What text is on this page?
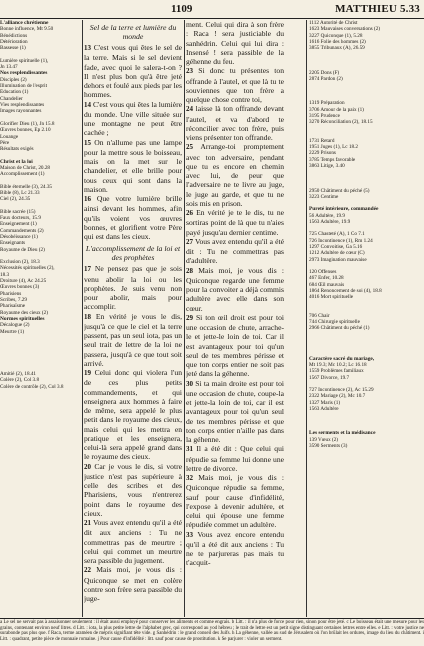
1109	MATTHIEU 5.33
L'alliance chrétienne
Bonne influence, Mt 9.50
Bénédictions
Détérioration
Bassesse (1)
Lumière spirituelle (1),
Jn 13.47
Nos resplendissantes
Disciples (2)
Illumination de l'esprit
Éducation (1)
Chandelier
Vies resplendissantes
Images rayonnantes
Glorifier Dieu (1), Jn 15.8
Œuvres bonnes, Ep 2.10
Louange
Père
Résultats exigés
Christ et la loi
Maison de Christ, 20.28
Accomplissement (1)
Bible éternelle (3), 24.35
Bible (8), Lc 21.33
Ciel (2), 24.35
Bible sacrée (15)
Faux docteurs, 15.9
Enseignement (1)
Commandements (2)
Désobéissance (1)
Enseignants
Royaume de Dieu (2)
Exclusion (2), 18.3
Nécessités spirituelles (2),
18.3
Droiture (4), Ac 24.25
Œuvres bonnes (3)
Pharisiens
Scribes, 7.29
Pharisaïsme
Royaume des cieux (2)
Normes spirituelles
Décalogue (2)
Meurtre (1)
Amitié (2), 18.41
Colère (2), Col 3.8
Colère de contrôle (2), Col 3.8
Sel de la terre et lumière du monde

13 C'est vous qui êtes le sel de la terre. Mais si le sel devient fade, avec quoi le salera-t-on ? Il n'est plus bon qu'à être jeté dehors et foulé aux pieds par les hommes.

14 C'est vous qui êtes la lumière du monde. Une ville située sur une montagne ne peut être cachée ;

15 On n'allume pas une lampe pour la mettre sous le boisseau, mais on la met sur le chandelier, et elle brille pour tous ceux qui sont dans la maison.

16 Que votre lumière brille ainsi devant les hommes, afin qu'ils voient vos œuvres bonnes, et glorifient votre Père qui est dans les cieux.

L'accomplissement de la loi et des prophètes

17 Ne pensez pas que je sois venu abolir la loi ou les prophètes. Je suis venu non pour abolir, mais pour accomplir.

18 En vérité je vous le dis, jusqu'à ce que le ciel et la terre passent, pas un seul iota, pas un seul trait de lettre de la loi ne passera, jusqu'à ce que tout soit arrivé.

19 Celui donc qui violera l'un de ces plus petits commandements, et qui enseignera aux hommes à faire de même, sera appelé le plus petit dans le royaume des cieux, mais celui qui les mettra en pratique et les enseignera, celui-là sera appelé grand dans le royaume des cieux.

20 Car je vous le dis, si votre justice n'est pas supérieure à celle des scribes et des Pharisiens, vous n'entrerez point dans le royaume des cieux.

21 Vous avez entendu qu'il a été dit aux anciens : Tu ne commettras pas de meurtre ; celui qui commet un meurtre sera passible du jugement.

22 Mais moi, je vous dis : Quiconque se met en colère contre son frère sera passible du juge-

ment. Celui qui dira à son frère : Raca ! sera justiciable du sanhédrin. Celui qui lui dira : Insensé ! sera passible de la géhenne du feu.

23 Si donc tu présentes ton offrande à l'autel, et que là tu te souviennes que ton frère a quelque chose contre toi,

24 laisse là ton offrande devant l'autel, et va d'abord te réconcilier avec ton frère, puis viens présenter ton offrande.

25 Arrange-toi promptement avec ton adversaire, pendant que tu es encore en chemin avec lui, de peur que l'adversaire ne te livre au juge, le juge au garde, et que tu ne sois mis en prison.

26 En vérité je te le dis, tu ne sortiras point de là que tu n'aies payé jusqu'au dernier centime.

27 Vous avez entendu qu'il a été dit : Tu ne commettras pas d'adultère.

28 Mais moi, je vous dis : Quiconque regarde une femme pour la convoiter a déjà commis adultère avec elle dans son cœur.

29 Si ton œil droit est pour toi une occasion de chute, arrache-le et jette-le loin de toi. Car il est avantageux pour toi qu'un seul de tes membres périsse et que ton corps entier ne soit pas jeté dans la géhenne.

30 Si ta main droite est pour toi une occasion de chute, coupe-la et jette-la loin de toi, car il est avantageux pour toi qu'un seul de tes membres périsse et que ton corps entier n'aille pas dans la géhenne.

31 Il a été dit : Que celui qui répudie sa femme lui donne une lettre de divorce.

32 Mais moi, je vous dis : Quiconque répudie sa femme, sauf pour cause d'infidélité, l'expose à devenir adultère, et celui qui épouse une femme répudiée commet un adultère.

33 Vous avez encore entendu qu'il a été dit aux anciens : Tu ne te parjureras pas mais tu t'acquit-

1112 Autorité de Christ
1623 Mauvaises conversations (2)
3227 Quiconque (1), 5.28
1616 Folie des hommes (2)
3855 Tribunaux (A), 26.59
2205 Dons (F)
2874 Pardon (2)
1319 Préparation
3706 Amour de la paix (1)
3195 Prudence
3270 Réconciliation (2), 18.15
1731 Retard
1951 Juges (1), Lc 18.2
2229 Prisons
3785 Temps favorable
3863 Litige, 3.40
2950 Châtiment du péché (5)
3223 Centime
Pureté intérieure, commandée
56 Adultère, 19.9
1563 Adultère, 19.9
725 Chasteté (A), 1 Co 7.1
726 Incontinence (1), Rm 1.24
1297 Convoitise, Ga 5.16
1212 Adultère de cœur (C)
2973 Imagination mauvaise
120 Offenses
467 Enfer, 10.28
684 Œil mauvais
1864 Renoncement de soi (4), 18.8
4016 Mort spirituelle
706 Chair
744 Chirurgie spirituelle
2966 Châtiment du péché (1)
Caractère sacré du mariage,
Mt 19.3; Mc 10.2; Lc 16.18
1559 Problèmes familiaux
1567 Divorce, 19.7
727 Incontinence (2), Ac 15.29
2322 Mariage (2), Mc 10.7
1327 Maris (1)
1563 Adultère
Les serments et la médisance
139 Vœux (2)
3590 Serments (3)
a Le sel ne servait pas à assaisonner seulement : il était aussi employé pour conserver les aliments et comme engrais. b Litt. : il n'a plus de force pour rien, sinon pour être jeté. c Le boisseau était une mesure pour les grains, contenant environ neuf litres. d Litt. : iota, la plus petite lettre de l'alphabet grec, qui correspond au yod hébreu ; le trait de lettre est un petit signe distinguant certaines lettres entre elles. e Litt. : votre justice ne surabonde pas plus que. f Raca, terme araméen de mépris signifiant tête vide. g Sanhédrin : le grand conseil des Juifs. h La géhenne, vallée au sud de Jérusalem où l'on brûlait les ordures, image du lieu du châtiment. i Litt. : quadrant, petite pièce de monnaie romaine. j Pour cause d'infidélité : litt. sauf pour cause de prostitution. k Se parjurer : violer un serment.
